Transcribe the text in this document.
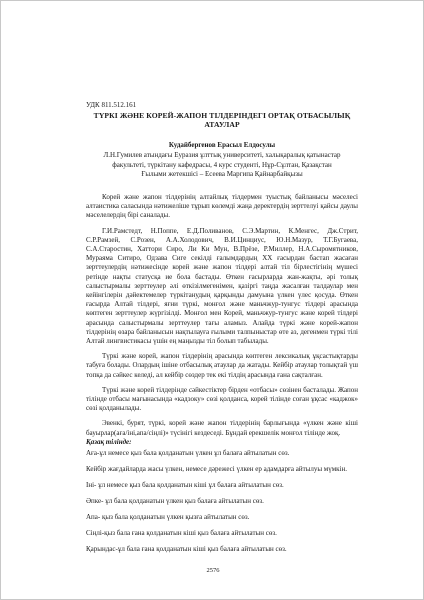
УДК 811.512.161
ТҮРКІ ЖӘНЕ КОРЕЙ-ЖАПОН ТІЛДЕРІНДЕГІ ОРТАҚ ОТБАСЫЛЫҚ АТАУЛАР
Кудайбергенов Ерасыл Елдосулы
Л.Н.Гумилев атындағы Еуразия ұлттық университеті, халықаралық қатынастар факультеті, түркітану кафедрасы, 4 курс студенті, Нұр-Сұлтан, Қазақстан
Ғылыми жетекшісі – Есеева Маргипа Қайнарбайқызы

Корей және жапон тілдерінің алтайлық тілдермен туыстық байланысы мәселесі алтаистика саласында нәтижеліше тұрып көлемді жаңа деректердің зерттелуі қайсы даулы мәселелердің бірі саналады.

Г.И.Рамстедт, Н.Поппе, Е.Д.Поливанов, С.Э.Мартин, К.Менгес, Дж.Стрит, С.Р.Рамзей, С.Розен, А.А.Холодович, В.И.Цинциус, Ю.Н.Мазур, Т.Г.Бугаева, С.А.Старостин, Хаттори Сиро, Ли Ки Мун, В.Прёзе, Р.Миллер, Н.А.Сыромятников, Мураяма Ситиро, Одзава Сиге секілді ғалымдардың XX ғасырдан бастап жасаған зерттеулердің нәтижесінде корей және жапон тілдері алтай тіл бірлестігінің мүшесі ретінде нақты статусқа ие бола бастады. Өткен ғасырларда жан-жақты, әрі толық салыстырмалы зерттеулер әлі өткізілмегенімен, қазіргі таңда жасалған талдаулар мен кейінгілерін дәйектемелер түркітанудың қарқынды дамуына үлкен үлес қосуда. Өткен ғасырда Алтай тілдері, яғни түркі, монғол және маньчжур-тунгус тілдері арасында көптеген зерттеулер жүргізілді. Монғол мен Корей, маньчжур-тунгус және корей тілдері арасында салыстырмалы зерттеулер тағы аламыз. Алайда түркі және корей-жапон тілдерінің өзара байланысын нақтылауға ғылыми талпыныстар өте аз, дегенмен түркі тілі Алтай лингвистикасы үшін ең маңызды тіл болып табылады.

Түркі және корей, жапон тілдерінің арасында көптеген лексикалық ұқсастықтарды табуға болады. Олардың ішіне отбасылық атаулар да жатады. Кейбір атаулар толықтай үш топқа да сәйкес келеді, ал кейбір сөздер тек екі тілдің арасында ғана сақталған.

Түркі және корей тілдерінде сәйкестіктер бірден «отбасы» сөзінен басталады. Жапон тілінде отбасы мағынасында «кадзоку» сөзі қолданса, корей тілінде соған ұқсас «каджок» сөзі қолданылады.

Эвенкі, бурят, түркі, корей және жапон тілдерінің барлығында «үлкен және кіші бауырлар(аға/іні,апа/сіңлі)» түсінігі кездеседі. Бұндай ерекшелік монғол тілінде жоқ.

Қазақ тілінде:
Аға-ұл немесе қыз бала қолданатын үлкен ұл балаға айтылатын сөз.
Кейбір жағдайларда жасы үлкен, немесе дәрежесі үлкен ер адамдарға айтылуы мүмкін.
Іні- ұл немесе қыз бала қолданатын кіші ұл балаға айтылатын сөз.
Әпке- ұл бала қолданатын үлкен қыз балаға айтылатын сөз.
Апа- қыз бала қолданатын үлкен қызға айтылатын сөз.
Сіңлі-қыз бала ғана қолданатын кіші қыз балаға айтылатын сөз.
Қарындас-ұл бала ғана қолданатын кіші қыз балаға айтылатын сөз.
2576
